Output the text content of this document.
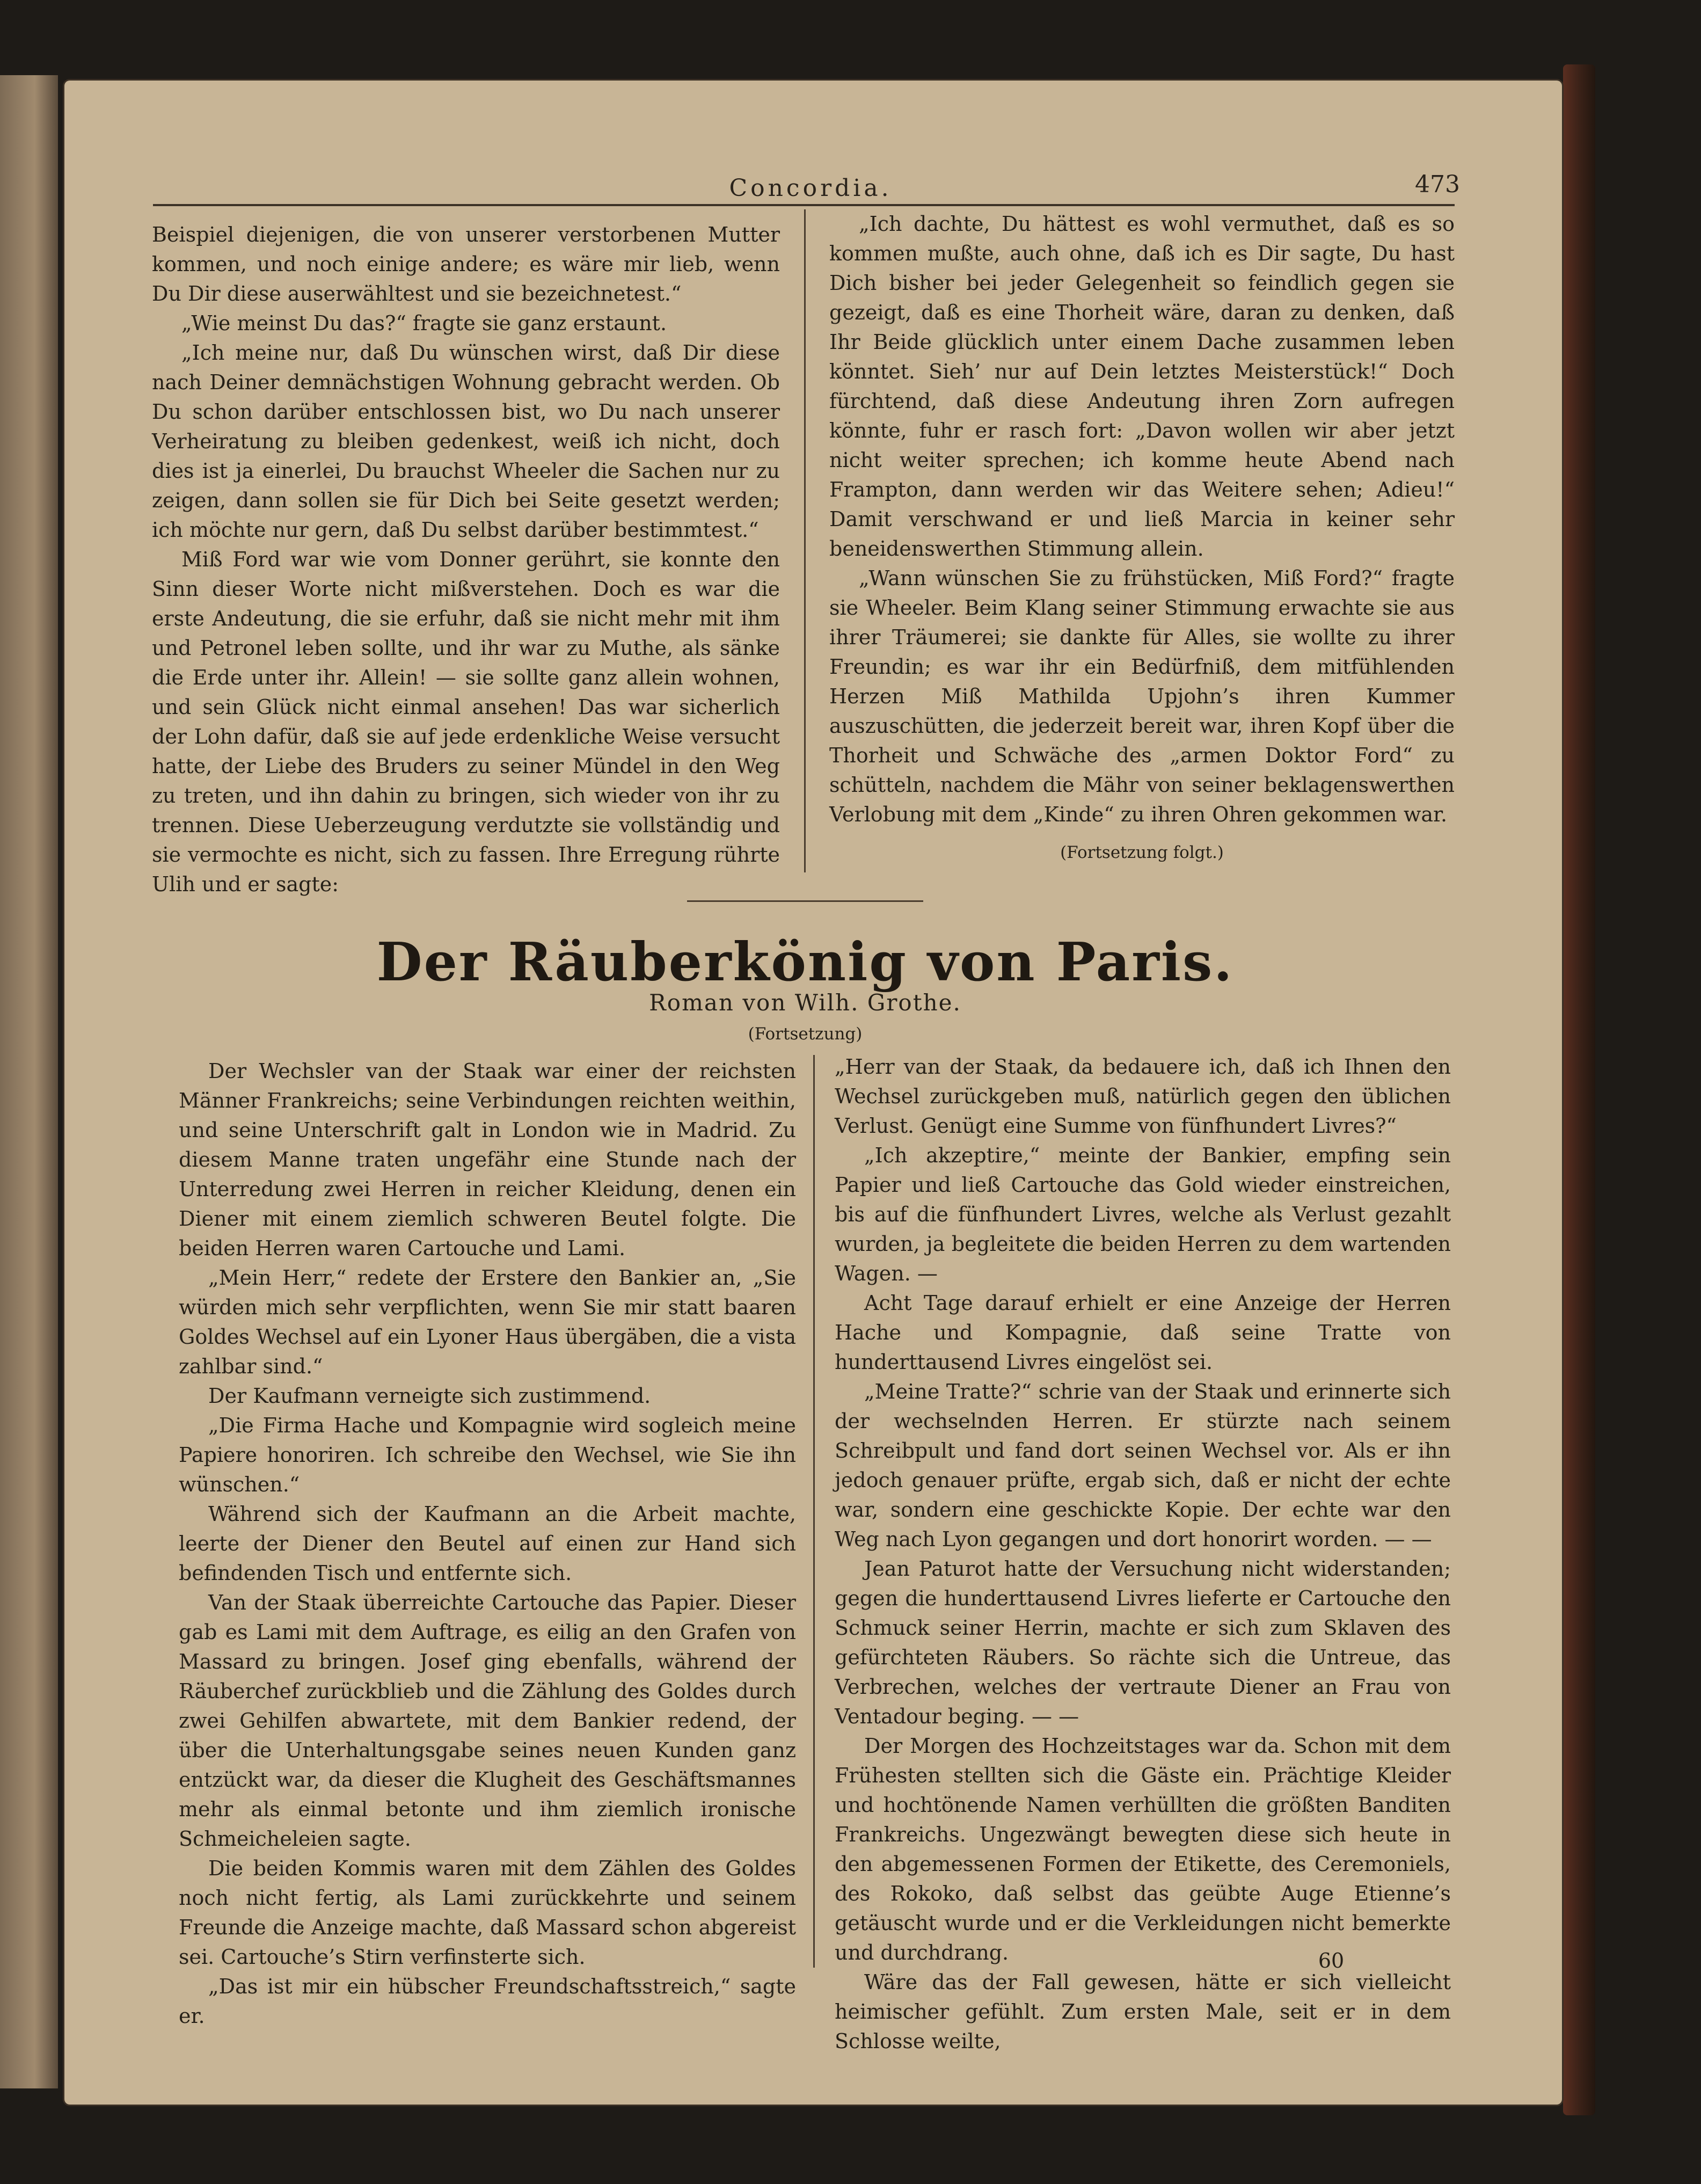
Concordia.	473

Beispiel diejenigen, die von unserer verstorbenen Mutter kommen, und noch einige andere; es wäre mir lieb, wenn Du Dir diese auserwähltest und sie bezeichnetest.“

„Wie meinst Du das?“ fragte sie ganz erstaunt.

„Ich meine nur, daß Du wünschen wirst, daß Dir diese nach Deiner demnächstigen Wohnung gebracht werden. Ob Du schon darüber entschlossen bist, wo Du nach unserer Verheiratung zu bleiben gedenkest, weiß ich nicht, doch dies ist ja einerlei, Du brauchst Wheeler die Sachen nur zu zeigen, dann sollen sie für Dich bei Seite gesetzt werden; ich möchte nur gern, daß Du selbst darüber bestimmtest.“

Miß Ford war wie vom Donner gerührt, sie konnte den Sinn dieser Worte nicht mißverstehen. Doch es war die erste Andeutung, die sie erfuhr, daß sie nicht mehr mit ihm und Petronel leben sollte, und ihr war zu Muthe, als sänke die Erde unter ihr. Allein! — sie sollte ganz allein wohnen, und sein Glück nicht einmal ansehen! Das war sicherlich der Lohn dafür, daß sie auf jede erdenkliche Weise versucht hatte, der Liebe des Bruders zu seiner Mündel in den Weg zu treten, und ihn dahin zu bringen, sich wieder von ihr zu trennen. Diese Ueberzeugung verdutzte sie vollständig und sie vermochte es nicht, sich zu fassen. Ihre Erregung rührte Ulih und er sagte:

„Ich dachte, Du hättest es wohl vermuthet, daß es so kommen mußte, auch ohne, daß ich es Dir sagte, Du hast Dich bisher bei jeder Gelegenheit so feindlich gegen sie gezeigt, daß es eine Thorheit wäre, daran zu denken, daß Ihr Beide glücklich unter einem Dache zusammen leben könntet. Sieh’ nur auf Dein letztes Meisterstück!“ Doch fürchtend, daß diese Andeutung ihren Zorn aufregen könnte, fuhr er rasch fort: „Davon wollen wir aber jetzt nicht weiter sprechen; ich komme heute Abend nach Frampton, dann werden wir das Weitere sehen; Adieu!“ Damit verschwand er und ließ Marcia in keiner sehr beneidenswerthen Stimmung allein.

„Wann wünschen Sie zu frühstücken, Miß Ford?“ fragte sie Wheeler. Beim Klang seiner Stimmung erwachte sie aus ihrer Träumerei; sie dankte für Alles, sie wollte zu ihrer Freundin; es war ihr ein Bedürfniß, dem mitfühlenden Herzen Miß Mathilda Upjohn’s ihren Kummer auszuschütten, die jederzeit bereit war, ihren Kopf über die Thorheit und Schwäche des „armen Doktor Ford“ zu schütteln, nachdem die Mähr von seiner beklagenswerthen Verlobung mit dem „Kinde“ zu ihren Ohren gekommen war.

(Fortsetzung folgt.)

Der Räuberkönig von Paris.
Roman von Wilh. Grothe.
(Fortsetzung)

Der Wechsler van der Staak war einer der reichsten Männer Frankreichs; seine Verbindungen reichten weithin, und seine Unterschrift galt in London wie in Madrid. Zu diesem Manne traten ungefähr eine Stunde nach der Unterredung zwei Herren in reicher Kleidung, denen ein Diener mit einem ziemlich schweren Beutel folgte. Die beiden Herren waren Cartouche und Lami.

„Mein Herr,“ redete der Erstere den Bankier an, „Sie würden mich sehr verpflichten, wenn Sie mir statt baaren Goldes Wechsel auf ein Lyoner Haus übergäben, die a vista zahlbar sind.“

Der Kaufmann verneigte sich zustimmend.

„Die Firma Hache und Kompagnie wird sogleich meine Papiere honoriren. Ich schreibe den Wechsel, wie Sie ihn wünschen.“

Während sich der Kaufmann an die Arbeit machte, leerte der Diener den Beutel auf einen zur Hand sich befindenden Tisch und entfernte sich.

Van der Staak überreichte Cartouche das Papier. Dieser gab es Lami mit dem Auftrage, es eilig an den Grafen von Massard zu bringen. Josef ging ebenfalls, während der Räuberchef zurückblieb und die Zählung des Goldes durch zwei Gehilfen abwartete, mit dem Bankier redend, der über die Unterhaltungsgabe seines neuen Kunden ganz entzückt war, da dieser die Klugheit des Geschäftsmannes mehr als einmal betonte und ihm ziemlich ironische Schmeicheleien sagte.

Die beiden Kommis waren mit dem Zählen des Goldes noch nicht fertig, als Lami zurückkehrte und seinem Freunde die Anzeige machte, daß Massard schon abgereist sei. Cartouche’s Stirn verfinsterte sich.

„Das ist mir ein hübscher Freundschaftsstreich,“ sagte er.

„Herr van der Staak, da bedauere ich, daß ich Ihnen den Wechsel zurückgeben muß, natürlich gegen den üblichen Verlust. Genügt eine Summe von fünfhundert Livres?“

„Ich akzeptire,“ meinte der Bankier, empfing sein Papier und ließ Cartouche das Gold wieder einstreichen, bis auf die fünfhundert Livres, welche als Verlust gezahlt wurden, ja begleitete die beiden Herren zu dem wartenden Wagen. —

Acht Tage darauf erhielt er eine Anzeige der Herren Hache und Kompagnie, daß seine Tratte von hunderttausend Livres eingelöst sei.

„Meine Tratte?“ schrie van der Staak und erinnerte sich der wechselnden Herren. Er stürzte nach seinem Schreibpult und fand dort seinen Wechsel vor. Als er ihn jedoch genauer prüfte, ergab sich, daß er nicht der echte war, sondern eine geschickte Kopie. Der echte war den Weg nach Lyon gegangen und dort honorirt worden. — —

Jean Paturot hatte der Versuchung nicht widerstanden; gegen die hunderttausend Livres lieferte er Cartouche den Schmuck seiner Herrin, machte er sich zum Sklaven des gefürchteten Räubers. So rächte sich die Untreue, das Verbrechen, welches der vertraute Diener an Frau von Ventadour beging. — —

Der Morgen des Hochzeitstages war da. Schon mit dem Frühesten stellten sich die Gäste ein. Prächtige Kleider und hochtönende Namen verhüllten die größten Banditen Frankreichs. Ungezwängt bewegten diese sich heute in den abgemessenen Formen der Etikette, des Ceremoniels, des Rokoko, daß selbst das geübte Auge Etienne’s getäuscht wurde und er die Verkleidungen nicht bemerkte und durchdrang.

Wäre das der Fall gewesen, hätte er sich vielleicht heimischer gefühlt. Zum ersten Male, seit er in dem Schlosse weilte,

60
